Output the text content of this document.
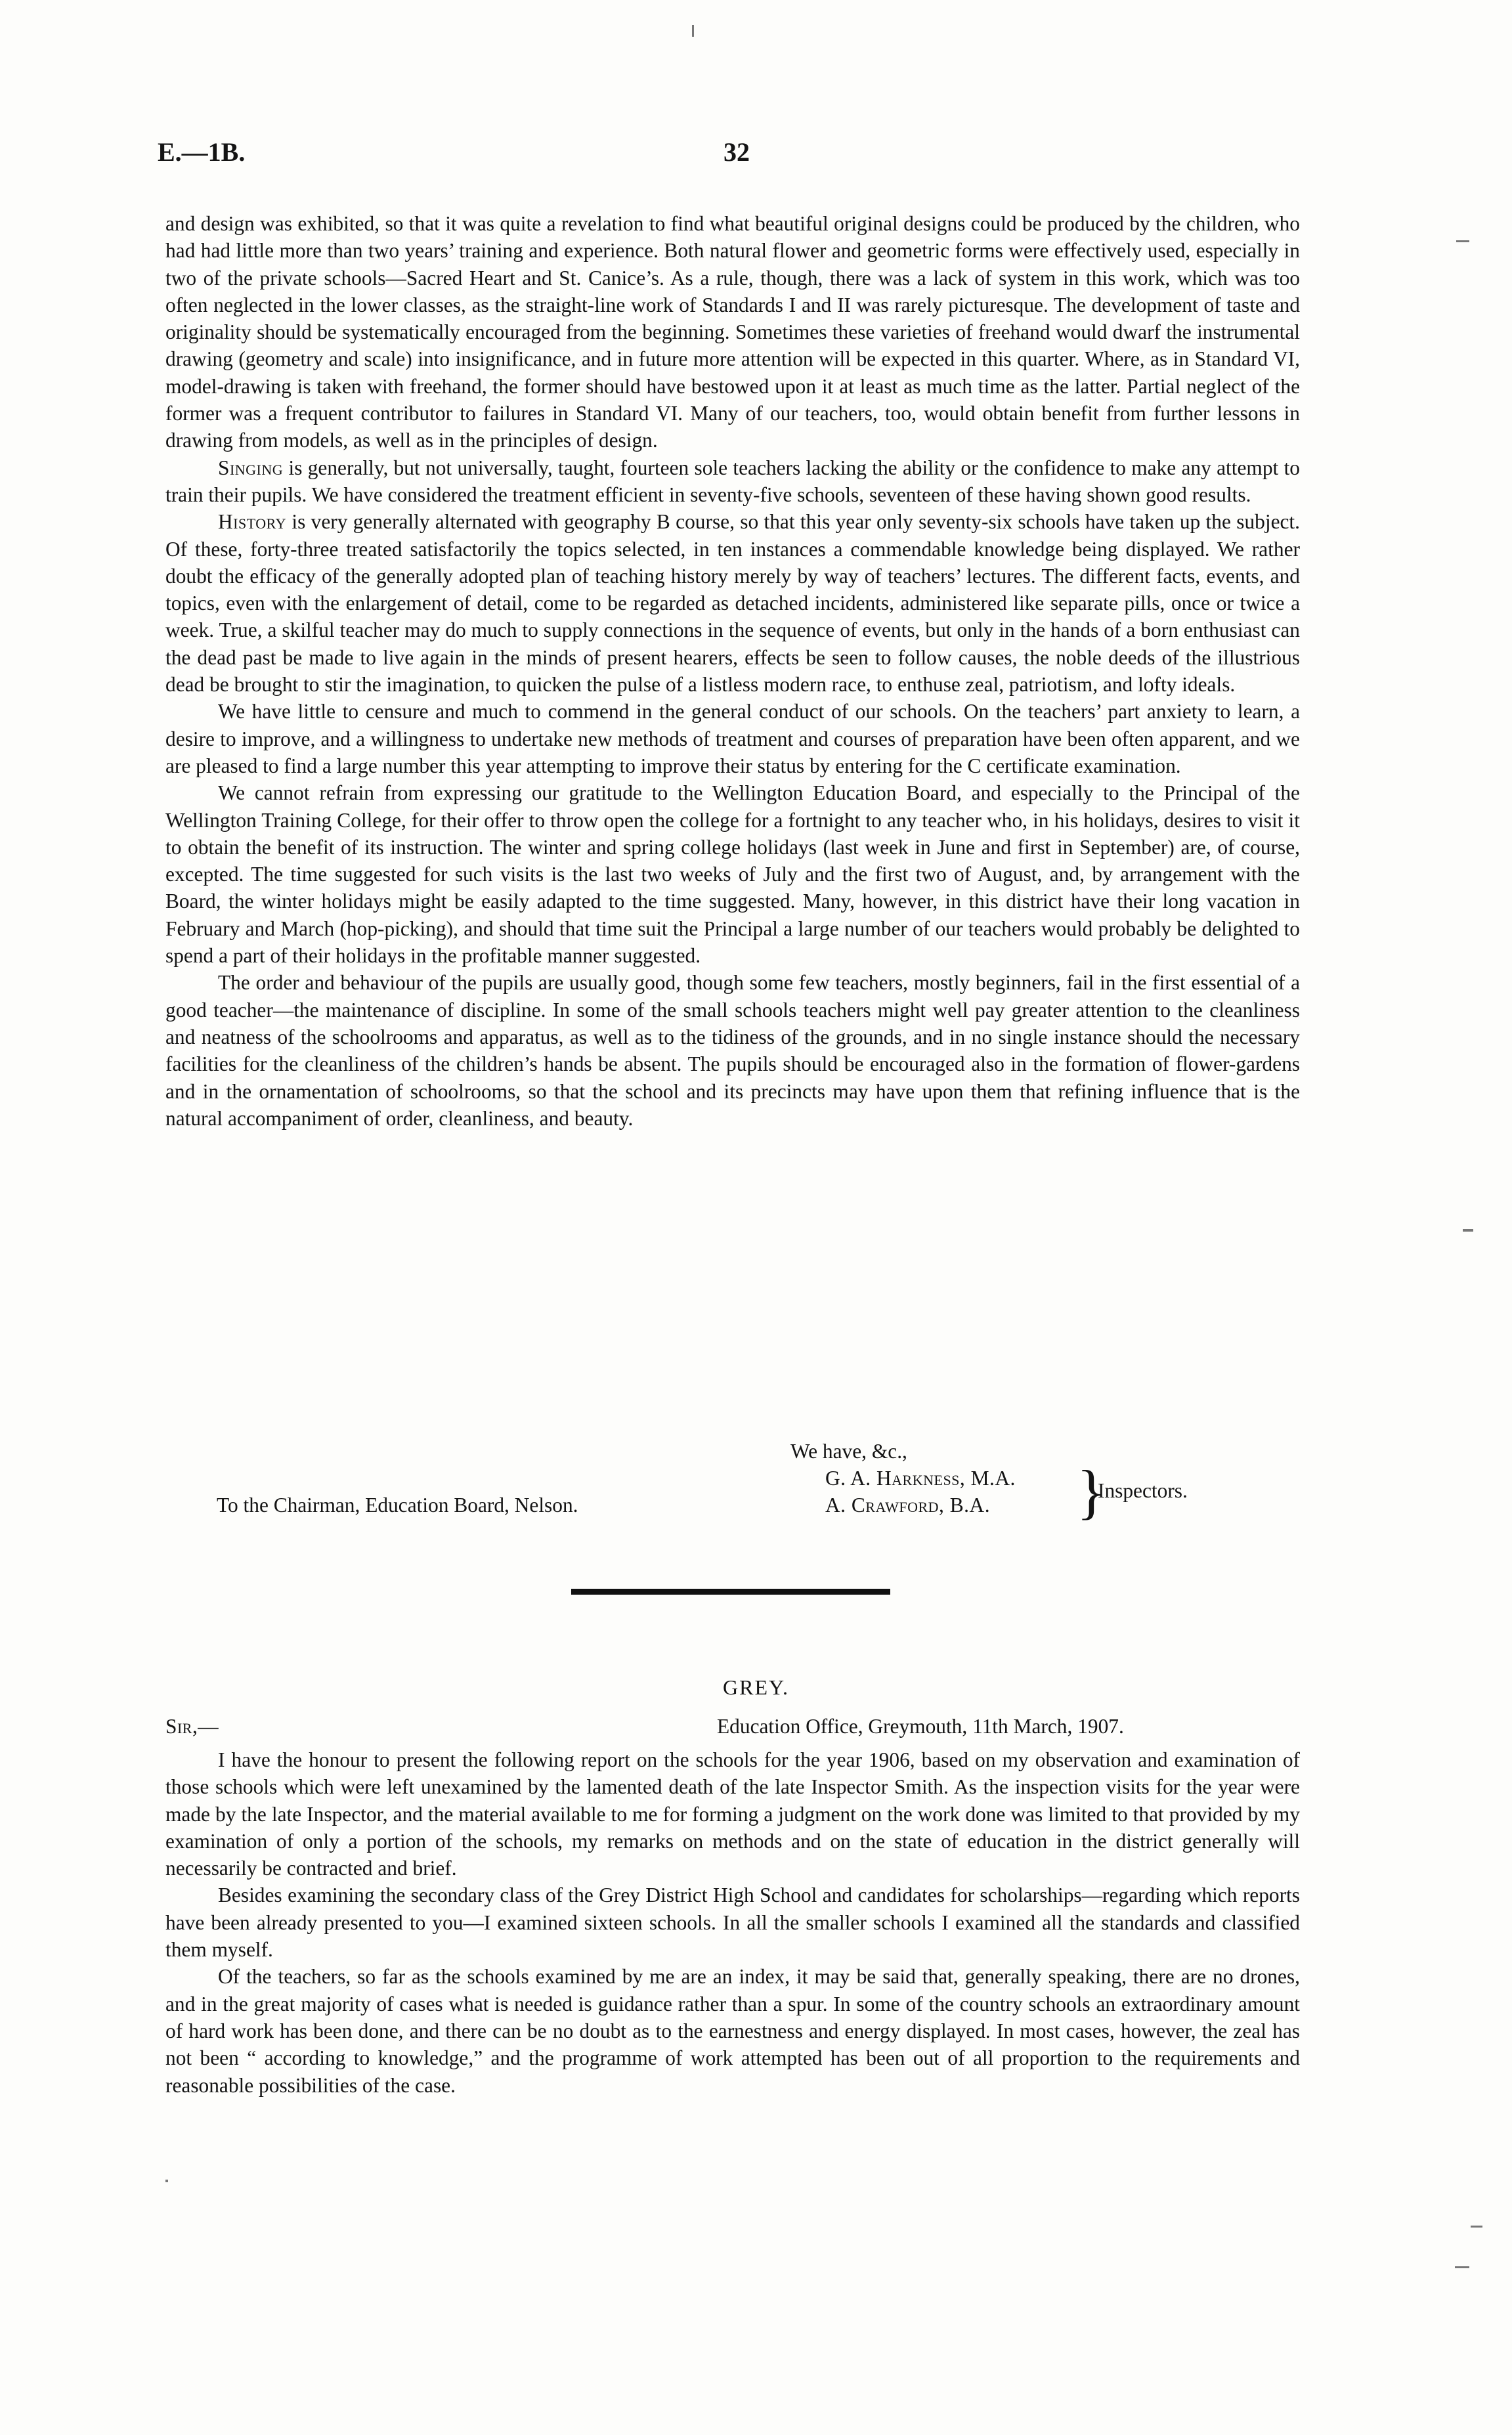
E.—1B.	32

and design was exhibited, so that it was quite a revelation to find what beautiful original designs could be produced by the children, who had had little more than two years’ training and experience. Both natural flower and geometric forms were effectively used, especially in two of the private schools—Sacred Heart and St. Canice’s. As a rule, though, there was a lack of system in this work, which was too often neglected in the lower classes, as the straight-line work of Standards I and II was rarely picturesque. The development of taste and originality should be systematically encouraged from the beginning. Sometimes these varieties of freehand would dwarf the instrumental drawing (geometry and scale) into insignificance, and in future more attention will be expected in this quarter. Where, as in Standard VI, model-drawing is taken with freehand, the former should have bestowed upon it at least as much time as the latter. Partial neglect of the former was a frequent contributor to failures in Standard VI. Many of our teachers, too, would obtain benefit from further lessons in drawing from models, as well as in the principles of design.

Singing is generally, but not universally, taught, fourteen sole teachers lacking the ability or the confidence to make any attempt to train their pupils. We have considered the treatment efficient in seventy-five schools, seventeen of these having shown good results.

History is very generally alternated with geography B course, so that this year only seventy-six schools have taken up the subject. Of these, forty-three treated satisfactorily the topics selected, in ten instances a commendable knowledge being displayed. We rather doubt the efficacy of the generally adopted plan of teaching history merely by way of teachers’ lectures. The different facts, events, and topics, even with the enlargement of detail, come to be regarded as detached incidents, administered like separate pills, once or twice a week. True, a skilful teacher may do much to supply connections in the sequence of events, but only in the hands of a born enthusiast can the dead past be made to live again in the minds of present hearers, effects be seen to follow causes, the noble deeds of the illustrious dead be brought to stir the imagination, to quicken the pulse of a listless modern race, to enthuse zeal, patriotism, and lofty ideals.

We have little to censure and much to commend in the general conduct of our schools. On the teachers’ part anxiety to learn, a desire to improve, and a willingness to undertake new methods of treatment and courses of preparation have been often apparent, and we are pleased to find a large number this year attempting to improve their status by entering for the C certificate examination.

We cannot refrain from expressing our gratitude to the Wellington Education Board, and especially to the Principal of the Wellington Training College, for their offer to throw open the college for a fortnight to any teacher who, in his holidays, desires to visit it to obtain the benefit of its instruction. The winter and spring college holidays (last week in June and first in September) are, of course, excepted. The time suggested for such visits is the last two weeks of July and the first two of August, and, by arrangement with the Board, the winter holidays might be easily adapted to the time suggested. Many, however, in this district have their long vacation in February and March (hop-picking), and should that time suit the Principal a large number of our teachers would probably be delighted to spend a part of their holidays in the profitable manner suggested.

The order and behaviour of the pupils are usually good, though some few teachers, mostly beginners, fail in the first essential of a good teacher—the maintenance of discipline. In some of the small schools teachers might well pay greater attention to the cleanliness and neatness of the schoolrooms and apparatus, as well as to the tidiness of the grounds, and in no single instance should the necessary facilities for the cleanliness of the children’s hands be absent. The pupils should be encouraged also in the formation of flower-gardens and in the ornamentation of schoolrooms, so that the school and its precincts may have upon them that refining influence that is the natural accompaniment of order, cleanliness, and beauty.

We have, &c.,
G. A. Harkness, M.A.
A. Crawford, B.A. }
Inspectors.
To the Chairman, Education Board, Nelson.
GREY.
Sir,—	Education Office, Greymouth, 11th March, 1907.

I have the honour to present the following report on the schools for the year 1906, based on my observation and examination of those schools which were left unexamined by the lamented death of the late Inspector Smith. As the inspection visits for the year were made by the late Inspector, and the material available to me for forming a judgment on the work done was limited to that provided by my examination of only a portion of the schools, my remarks on methods and on the state of education in the district generally will necessarily be contracted and brief.

Besides examining the secondary class of the Grey District High School and candidates for scholarships—regarding which reports have been already presented to you—I examined sixteen schools. In all the smaller schools I examined all the standards and classified them myself.

Of the teachers, so far as the schools examined by me are an index, it may be said that, generally speaking, there are no drones, and in the great majority of cases what is needed is guidance rather than a spur. In some of the country schools an extraordinary amount of hard work has been done, and there can be no doubt as to the earnestness and energy displayed. In most cases, however, the zeal has not been “ according to knowledge,” and the programme of work attempted has been out of all proportion to the requirements and reasonable possibilities of the case.
